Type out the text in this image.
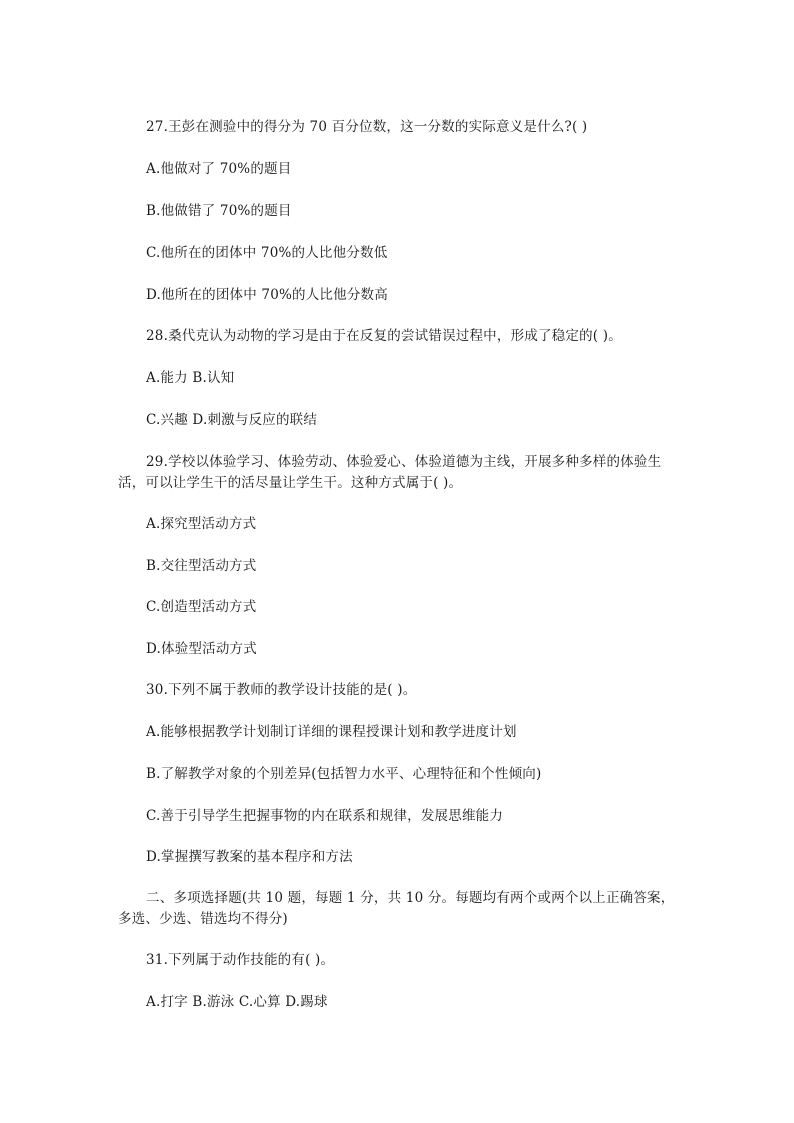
27.王彭在测验中的得分为 70 百分位数，这一分数的实际意义是什么?( )
A.他做对了 70%的题目
B.他做错了 70%的题目
C.他所在的团体中 70%的人比他分数低
D.他所在的团体中 70%的人比他分数高
28.桑代克认为动物的学习是由于在反复的尝试错误过程中，形成了稳定的( )。
A.能力 B.认知
C.兴趣 D.刺激与反应的联结
29.学校以体验学习、体验劳动、体验爱心、体验道德为主线，开展多种多样的体验生活，可以让学生干的活尽量让学生干。这种方式属于( )。
A.探究型活动方式
B.交往型活动方式
C.创造型活动方式
D.体验型活动方式
30.下列不属于教师的教学设计技能的是( )。
A.能够根据教学计划制订详细的课程授课计划和教学进度计划
B.了解教学对象的个别差异(包括智力水平、心理特征和个性倾向)
C.善于引导学生把握事物的内在联系和规律，发展思维能力
D.掌握撰写教案的基本程序和方法
二、多项选择题(共 10 题，每题 1 分，共 10 分。每题均有两个或两个以上正确答案，多选、少选、错选均不得分)
31.下列属于动作技能的有( )。
A.打字 B.游泳 C.心算 D.踢球
